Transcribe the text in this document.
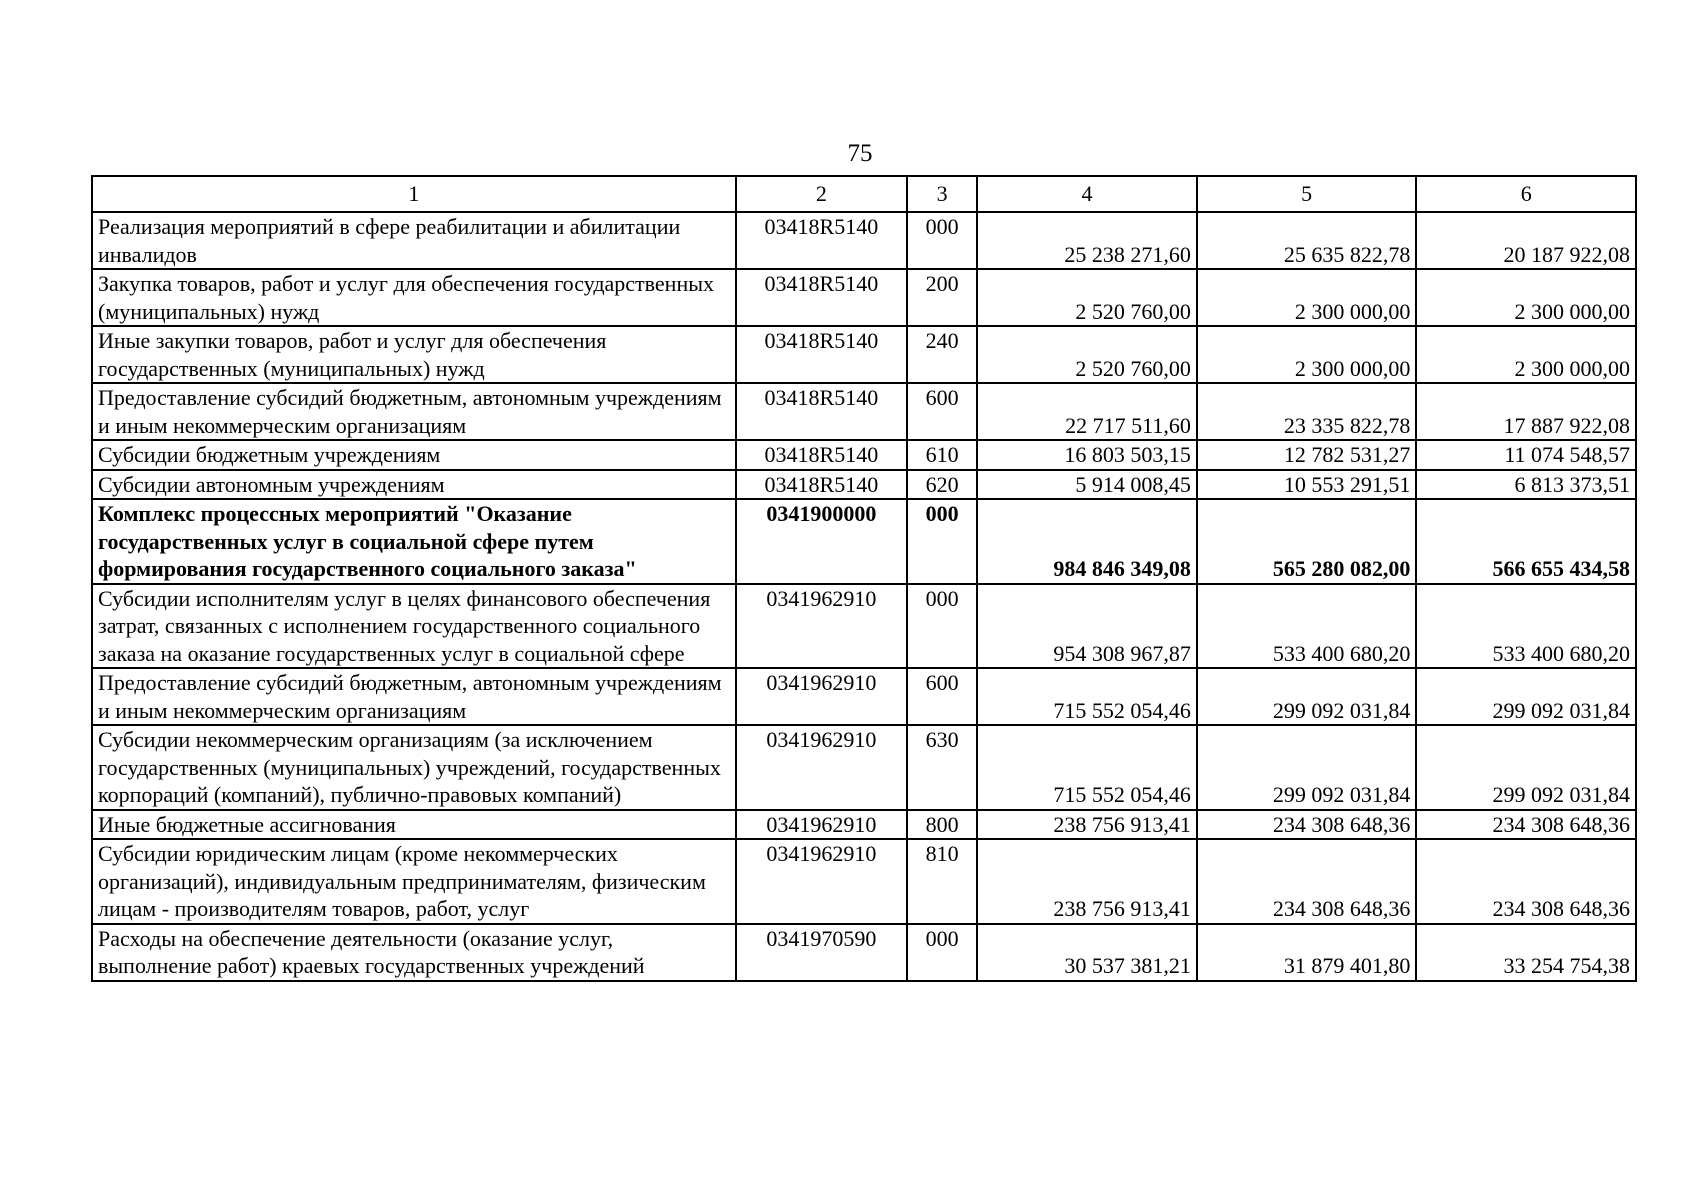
75
1	2	3	4	5	6
Реализация мероприятий в сфере реабилитации и абилитации инвалидов	03418R5140	000	25 238 271,60	25 635 822,78	20 187 922,08
Закупка товаров, работ и услуг для обеспечения государственных (муниципальных) нужд	03418R5140	200	2 520 760,00	2 300 000,00	2 300 000,00
Иные закупки товаров, работ и услуг для обеспечения государственных (муниципальных) нужд	03418R5140	240	2 520 760,00	2 300 000,00	2 300 000,00
Предоставление субсидий бюджетным, автономным учреждениям и иным некоммерческим организациям	03418R5140	600	22 717 511,60	23 335 822,78	17 887 922,08
Субсидии бюджетным учреждениям	03418R5140	610	16 803 503,15	12 782 531,27	11 074 548,57
Субсидии автономным учреждениям	03418R5140	620	5 914 008,45	10 553 291,51	6 813 373,51
Комплекс процессных мероприятий "Оказание государственных услуг в социальной сфере путем формирования государственного социального заказа"	0341900000	000	984 846 349,08	565 280 082,00	566 655 434,58
Субсидии исполнителям услуг в целях финансового обеспечения затрат, связанных с исполнением государственного социального заказа на оказание государственных услуг в социальной сфере	0341962910	000	954 308 967,87	533 400 680,20	533 400 680,20
Предоставление субсидий бюджетным, автономным учреждениям и иным некоммерческим организациям	0341962910	600	715 552 054,46	299 092 031,84	299 092 031,84
Субсидии некоммерческим организациям (за исключением государственных (муниципальных) учреждений, государственных корпораций (компаний), публично-правовых компаний)	0341962910	630	715 552 054,46	299 092 031,84	299 092 031,84
Иные бюджетные ассигнования	0341962910	800	238 756 913,41	234 308 648,36	234 308 648,36
Субсидии юридическим лицам (кроме некоммерческих организаций), индивидуальным предпринимателям, физическим лицам - производителям товаров, работ, услуг	0341962910	810	238 756 913,41	234 308 648,36	234 308 648,36
Расходы на обеспечение деятельности (оказание услуг, выполнение работ) краевых государственных учреждений	0341970590	000	30 537 381,21	31 879 401,80	33 254 754,38
